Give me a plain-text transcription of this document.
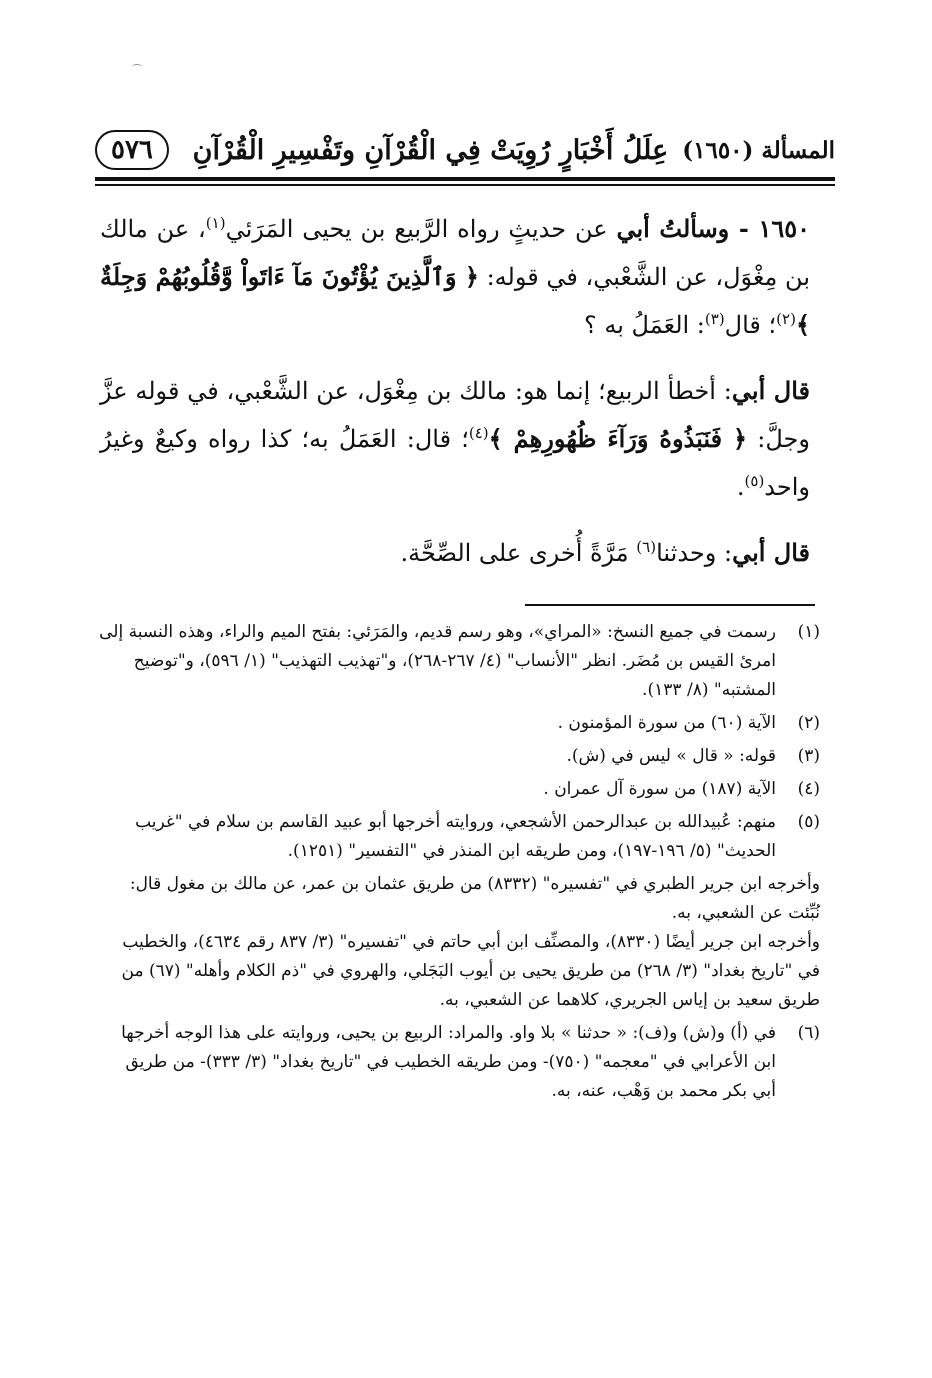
المسألة (١٦٥٠)
عِلَلُ أَخْبَارٍ رُوِيَتْ فِي الْقُرْآنِ وتَفْسِيرِ الْقُرْآنِ
٥٧٦

١٦٥٠ - وسألتُ أبي عن حديثٍ رواه الرَّبيع بن يحيى المَرَئي$^{(١)}$، عن مالك بن مِغْوَل، عن الشَّعْبي، في قوله: ﴿ وَٱلَّذِينَ يُؤْتُونَ مَآ ءَاتَواْ وَّقُلُوبُهُمْ وَجِلَةٌ ﴾$^{(٢)}$؛ قال$^{(٣)}$: العَمَلُ به ؟

قال أبي: أخطأ الربيع؛ إنما هو: مالك بن مِغْوَل، عن الشَّعْبي، في قوله عزَّ وجلَّ: ﴿ فَنَبَذُوهُ وَرَآءَ ظُهُورِهِمْ ﴾$^{(٤)}$؛ قال: العَمَلُ به؛ كذا رواه وكيعٌ وغيرُ واحد$^{(٥)}$.

قال أبي: وحدثنا$^{(٦)}$ مَرَّةً أُخرى على الصِّحَّة.

(١)
رسمت في جميع النسخ: «المراي»، وهو رسم قديم، والمَرَئي: بفتح الميم والراء، وهذه النسبة إلى امرئ القيس بن مُضَر. انظر "الأنساب" (٤/ ٢٦٧-٢٦٨)، و"تهذيب التهذيب" (١/ ٥٩٦)، و"توضيح المشتبه" (٨/ ١٣٣).
(٢)
الآية (٦٠) من سورة المؤمنون .
(٣)
قوله: « قال » ليس في (ش).
(٤)
الآية (١٨٧) من سورة آل عمران .
(٥)
منهم: عُبيدالله بن عبدالرحمن الأشجعي، وروايته أخرجها أبو عبيد القاسم بن سلام في "غريب الحديث" (٥/ ١٩٦-١٩٧)، ومن طريقه ابن المنذر في "التفسير" (١٢٥١).
وأخرجه ابن جرير الطبري في "تفسيره" (٨٣٣٢) من طريق عثمان بن عمر، عن مالك بن مغول قال: نُبِّئت عن الشعبي، به.
وأخرجه ابن جرير أيضًا (٨٣٣٠)، والمصنِّف ابن أبي حاتم في "تفسيره" (٣/ ٨٣٧ رقم ٤٦٣٤)، والخطيب في "تاريخ بغداد" (٣/ ٢٦٨) من طريق يحيى بن أيوب البَجَلي، والهروي في "ذم الكلام وأهله" (٦٧) من طريق سعيد بن إياس الجريري، كلاهما عن الشعبي، به.
(٦)
في (أ) و(ش) و(ف): « حدثنا » بلا واو. والمراد: الربيع بن يحيى، وروايته على هذا الوجه أخرجها ابن الأعرابي في "معجمه" (٧٥٠)- ومن طريقه الخطيب في "تاريخ بغداد" (٣/ ٣٣٣)- من طريق أبي بكر محمد بن وَهْب، عنه، به.
